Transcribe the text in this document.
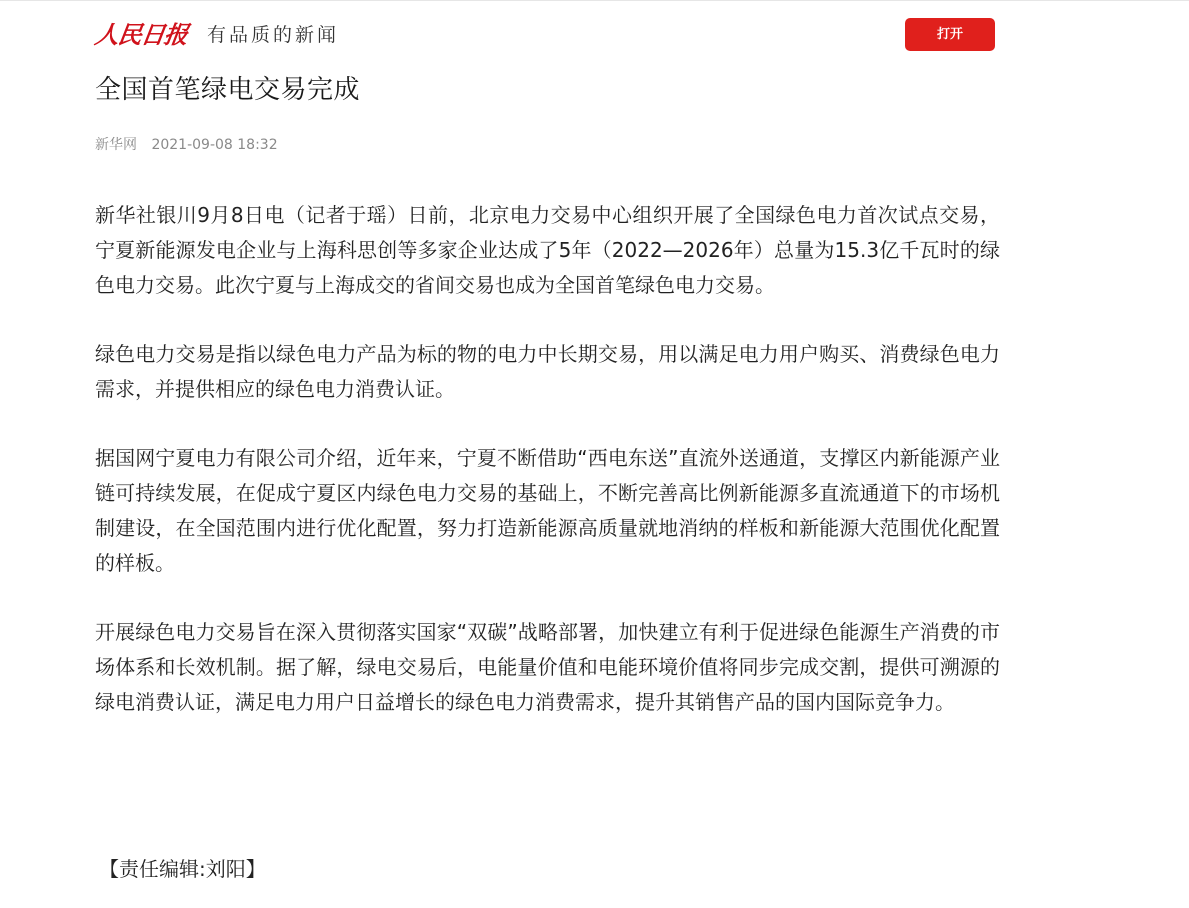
人民日报 有品质的新闻	打开
全国首笔绿电交易完成
新华网 2021-09-08 18:32

新华社银川9月8日电（记者于瑶）日前，北京电力交易中心组织开展了全国绿色电力首次试点交易，宁夏新能源发电企业与上海科思创等多家企业达成了5年（2022—2026年）总量为15.3亿千瓦时的绿色电力交易。此次宁夏与上海成交的省间交易也成为全国首笔绿色电力交易。

绿色电力交易是指以绿色电力产品为标的物的电力中长期交易，用以满足电力用户购买、消费绿色电力需求，并提供相应的绿色电力消费认证。

据国网宁夏电力有限公司介绍，近年来，宁夏不断借助“西电东送”直流外送通道，支撑区内新能源产业链可持续发展，在促成宁夏区内绿色电力交易的基础上，不断完善高比例新能源多直流通道下的市场机制建设，在全国范围内进行优化配置，努力打造新能源高质量就地消纳的样板和新能源大范围优化配置的样板。

开展绿色电力交易旨在深入贯彻落实国家“双碳”战略部署，加快建立有利于促进绿色能源生产消费的市场体系和长效机制。据了解，绿电交易后，电能量价值和电能环境价值将同步完成交割，提供可溯源的绿电消费认证，满足电力用户日益增长的绿色电力消费需求，提升其销售产品的国内国际竞争力。

【责任编辑:刘阳】
